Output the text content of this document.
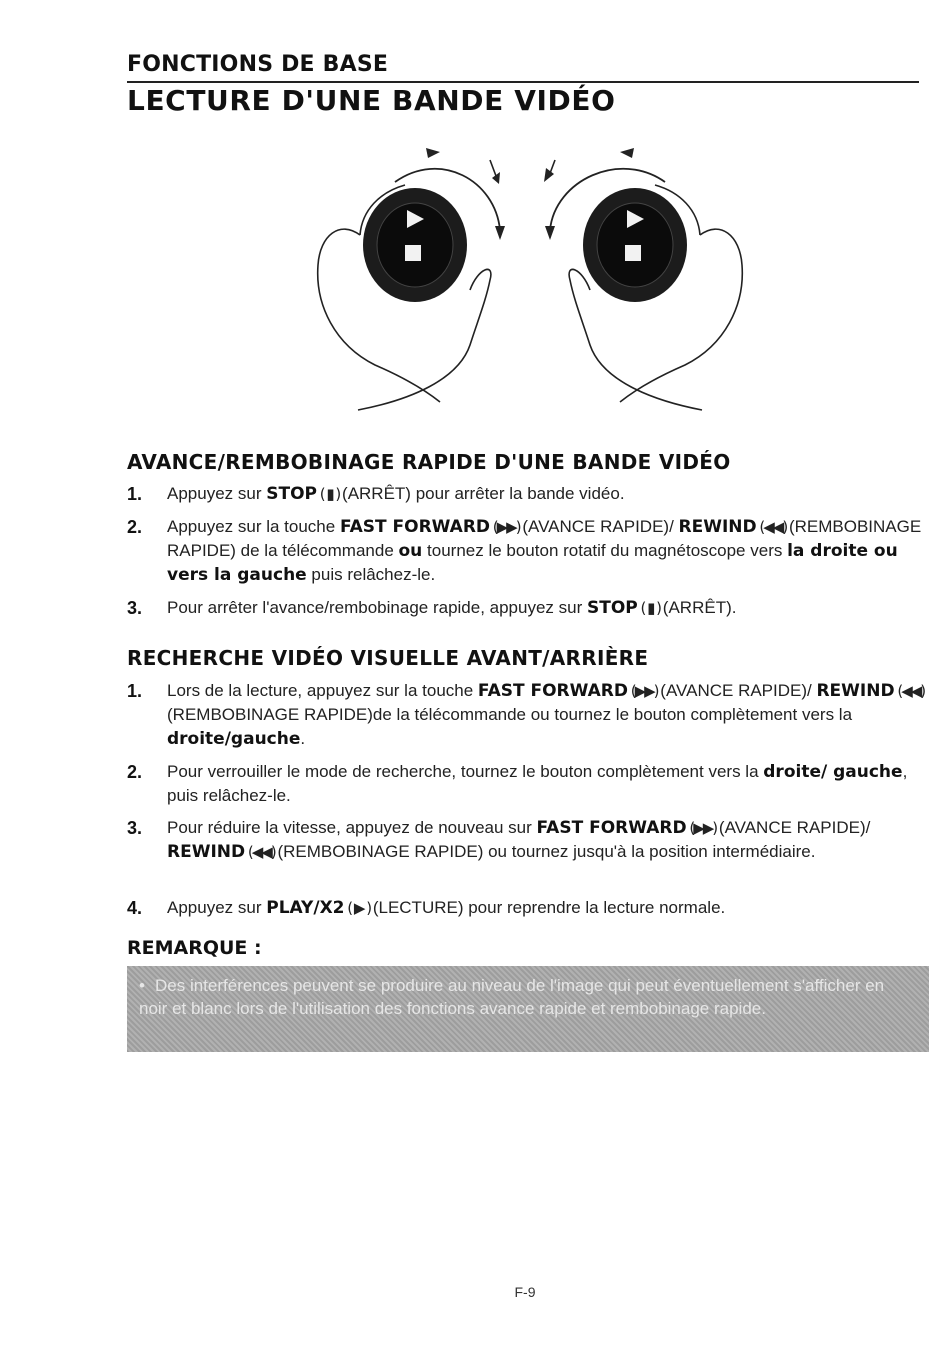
FONCTIONS DE BASE
LECTURE D'UNE BANDE VIDÉO
AVANCE/REMBOBINAGE RAPIDE D'UNE BANDE VIDÉO
1.	Appuyez sur STOP ( ▮ ) (ARRÊT) pour arrêter la bande vidéo.
2.	Appuyez sur la touche FAST FORWARD (▶▶) (AVANCE RAPIDE)/ REWIND (◀◀) (REMBOBINAGE RAPIDE) de la télécommande ou tournez le bouton rotatif du magnétoscope vers la droite ou vers la gauche puis relâchez-le.
3.	Pour arrêter l'avance/rembobinage rapide, appuyez sur STOP ( ▮ ) (ARRÊT).
RECHERCHE VIDÉO VISUELLE AVANT/ARRIÈRE
1.	Lors de la lecture, appuyez sur la touche FAST FORWARD (▶▶) (AVANCE RAPIDE)/ REWIND (◀◀) (REMBOBINAGE RAPIDE)de la télécommande ou tournez le bouton complètement vers la droite/gauche.
2.	Pour verrouiller le mode de recherche, tournez le bouton complètement vers la droite/ gauche, puis relâchez-le.
3.	Pour réduire la vitesse, appuyez de nouveau sur FAST FORWARD (▶▶) (AVANCE RAPIDE)/ REWIND (◀◀) (REMBOBINAGE RAPIDE) ou tournez jusqu'à la position intermédiaire.
4.	Appuyez sur PLAY/X2 ( ▶ ) (LECTURE) pour reprendre la lecture normale.
REMARQUE :
• Des interférences peuvent se produire au niveau de l'image qui peut éventuellement s'afficher en noir et blanc lors de l'utilisation des fonctions avance rapide et rembobinage rapide.
F-9
